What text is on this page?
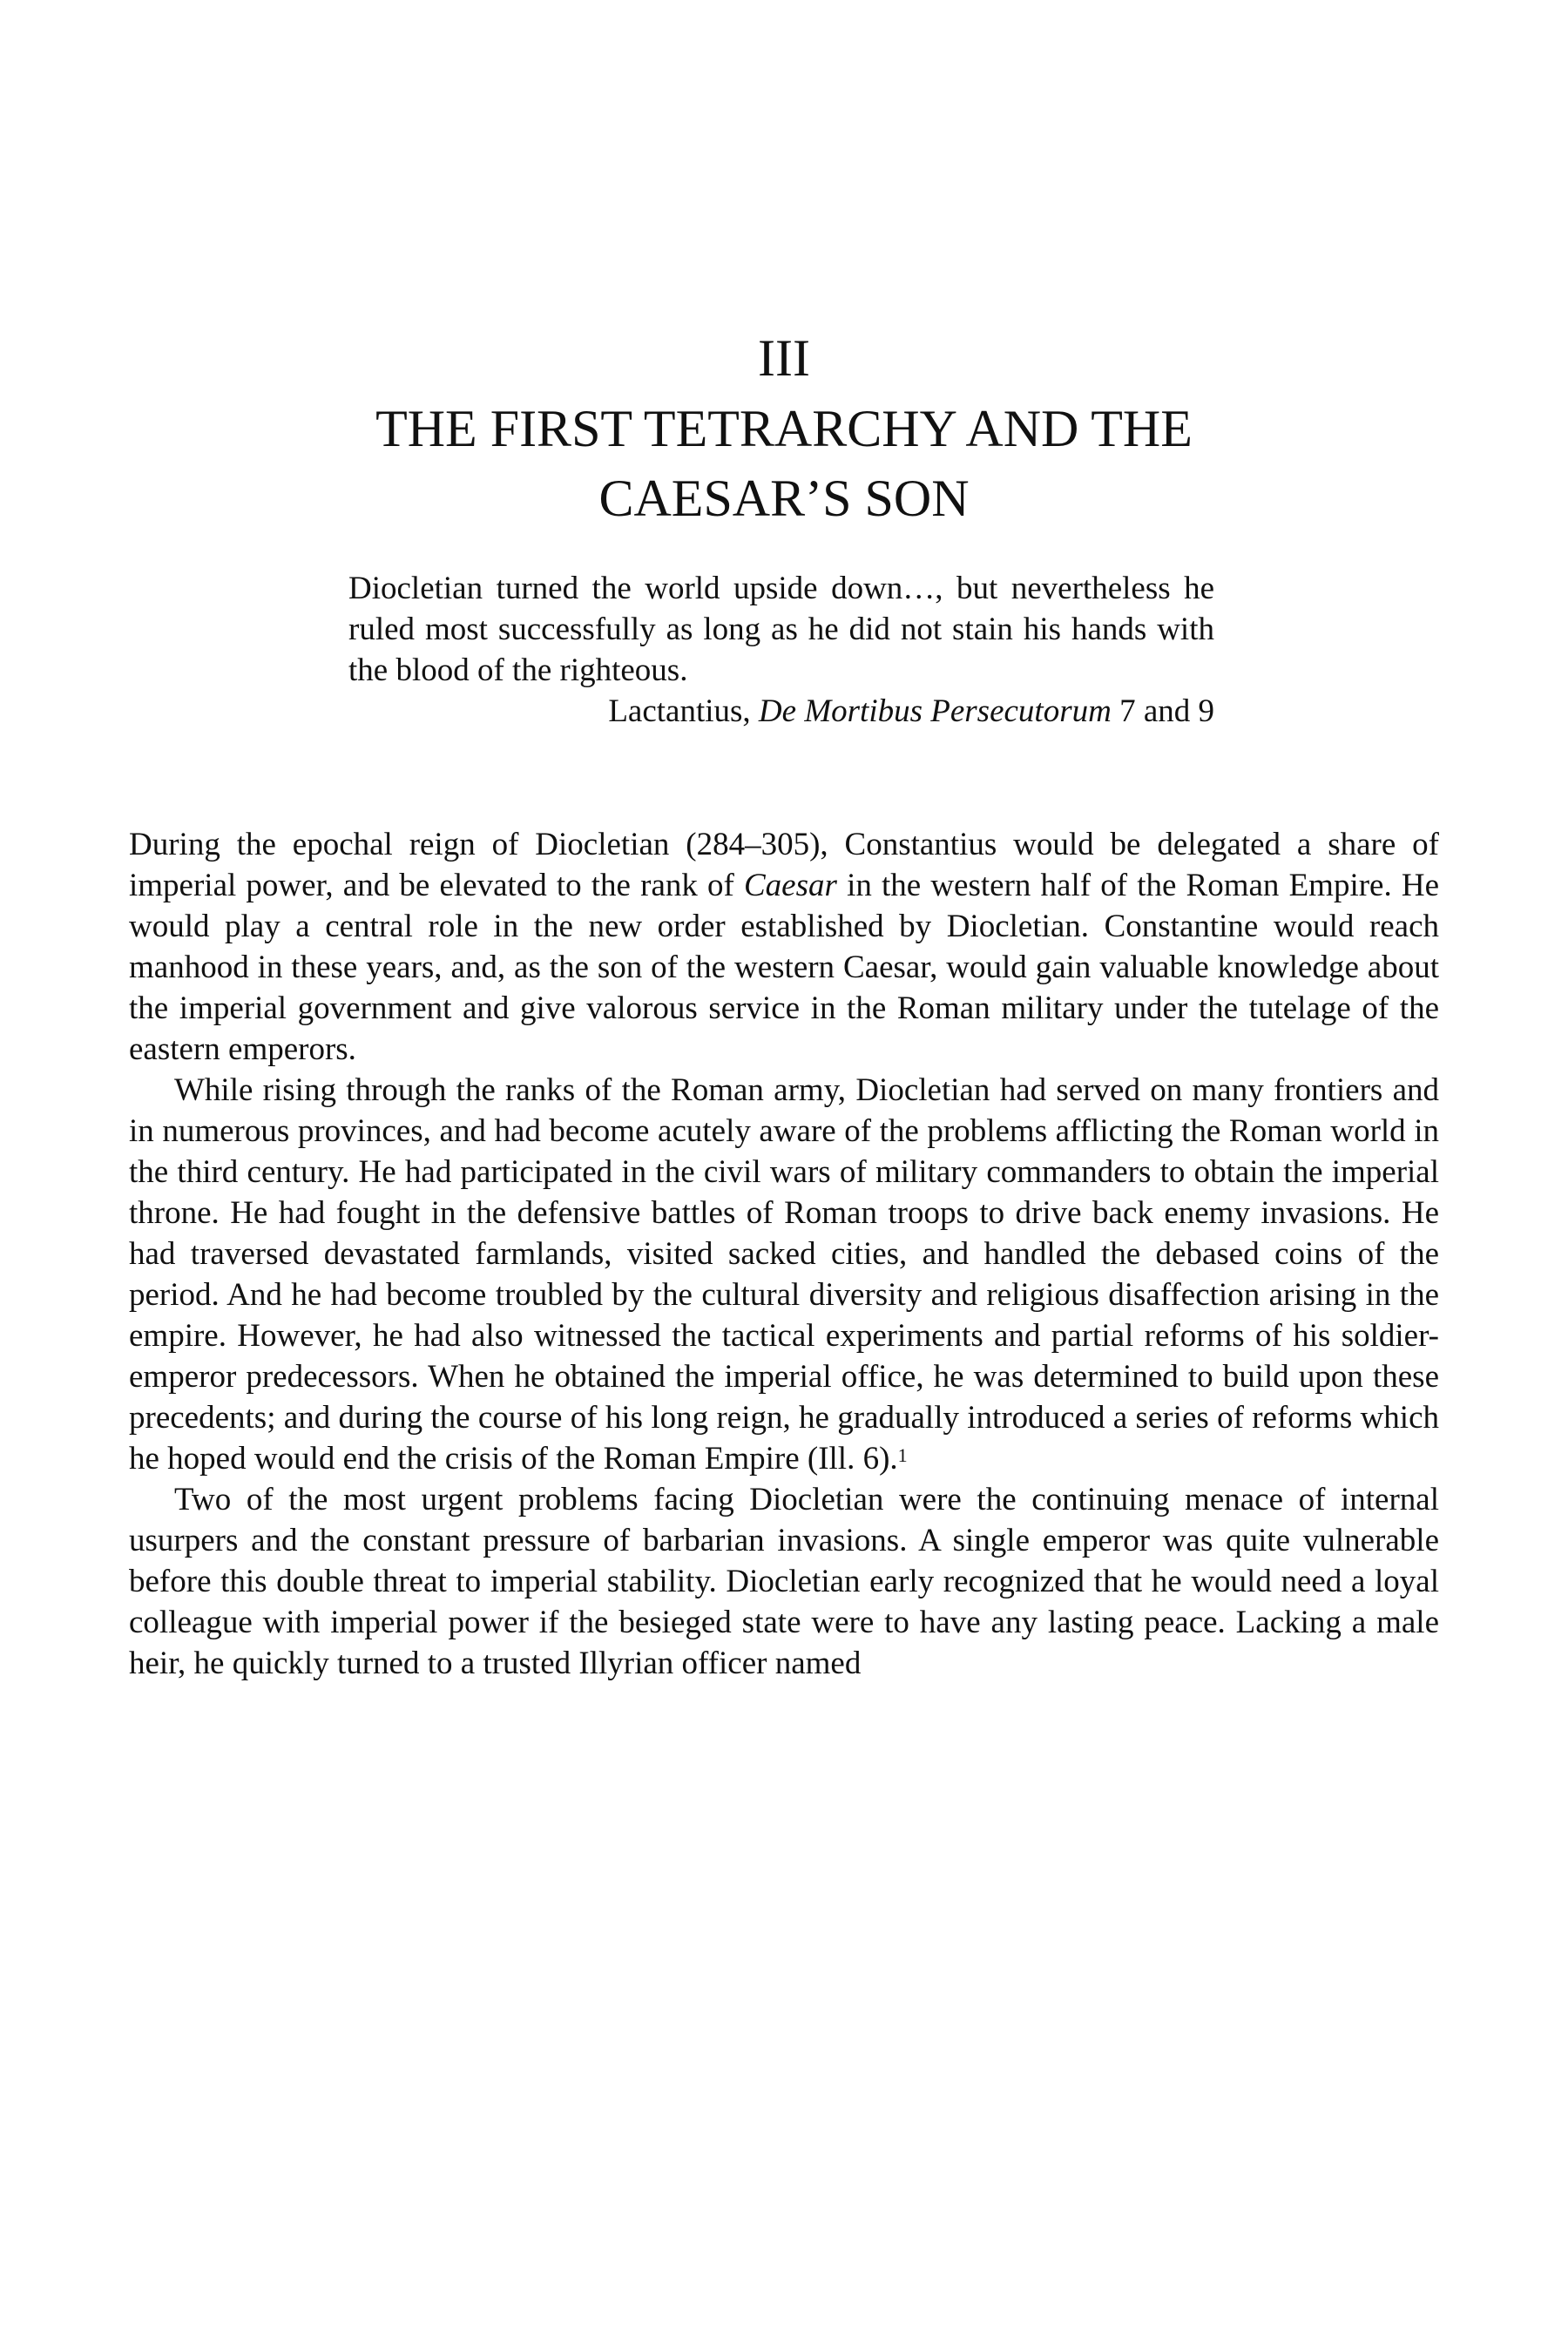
III
THE FIRST TETRARCHY AND THE CAESAR’S SON

Diocletian turned the world upside down…, but nevertheless he ruled most successfully as long as he did not stain his hands with the blood of the righteous.

Lactantius, De Mortibus Persecutorum 7 and 9

During the epochal reign of Diocletian (284–305), Constantius would be delegated a share of imperial power, and be elevated to the rank of Caesar in the western half of the Roman Empire. He would play a central role in the new order established by Diocletian. Constantine would reach manhood in these years, and, as the son of the western Caesar, would gain valuable knowledge about the imperial government and give valorous service in the Roman military under the tutelage of the eastern emperors.

While rising through the ranks of the Roman army, Diocletian had served on many frontiers and in numerous provinces, and had become acutely aware of the problems afflicting the Roman world in the third century. He had participated in the civil wars of military commanders to obtain the imperial throne. He had fought in the defensive battles of Roman troops to drive back enemy invasions. He had traversed devastated farmlands, visited sacked cities, and handled the debased coins of the period. And he had become troubled by the cultural diversity and religious disaffection arising in the empire. However, he had also witnessed the tactical experiments and partial reforms of his soldier-emperor predecessors. When he obtained the imperial office, he was determined to build upon these precedents; and during the course of his long reign, he gradually introduced a series of reforms which he hoped would end the crisis of the Roman Empire (Ill. 6).$^1$

Two of the most urgent problems facing Diocletian were the continuing menace of internal usurpers and the constant pressure of barbarian invasions. A single emperor was quite vulnerable before this double threat to imperial stability. Diocletian early recognized that he would need a loyal colleague with imperial power if the besieged state were to have any lasting peace. Lacking a male heir, he quickly turned to a trusted Illyrian officer named
